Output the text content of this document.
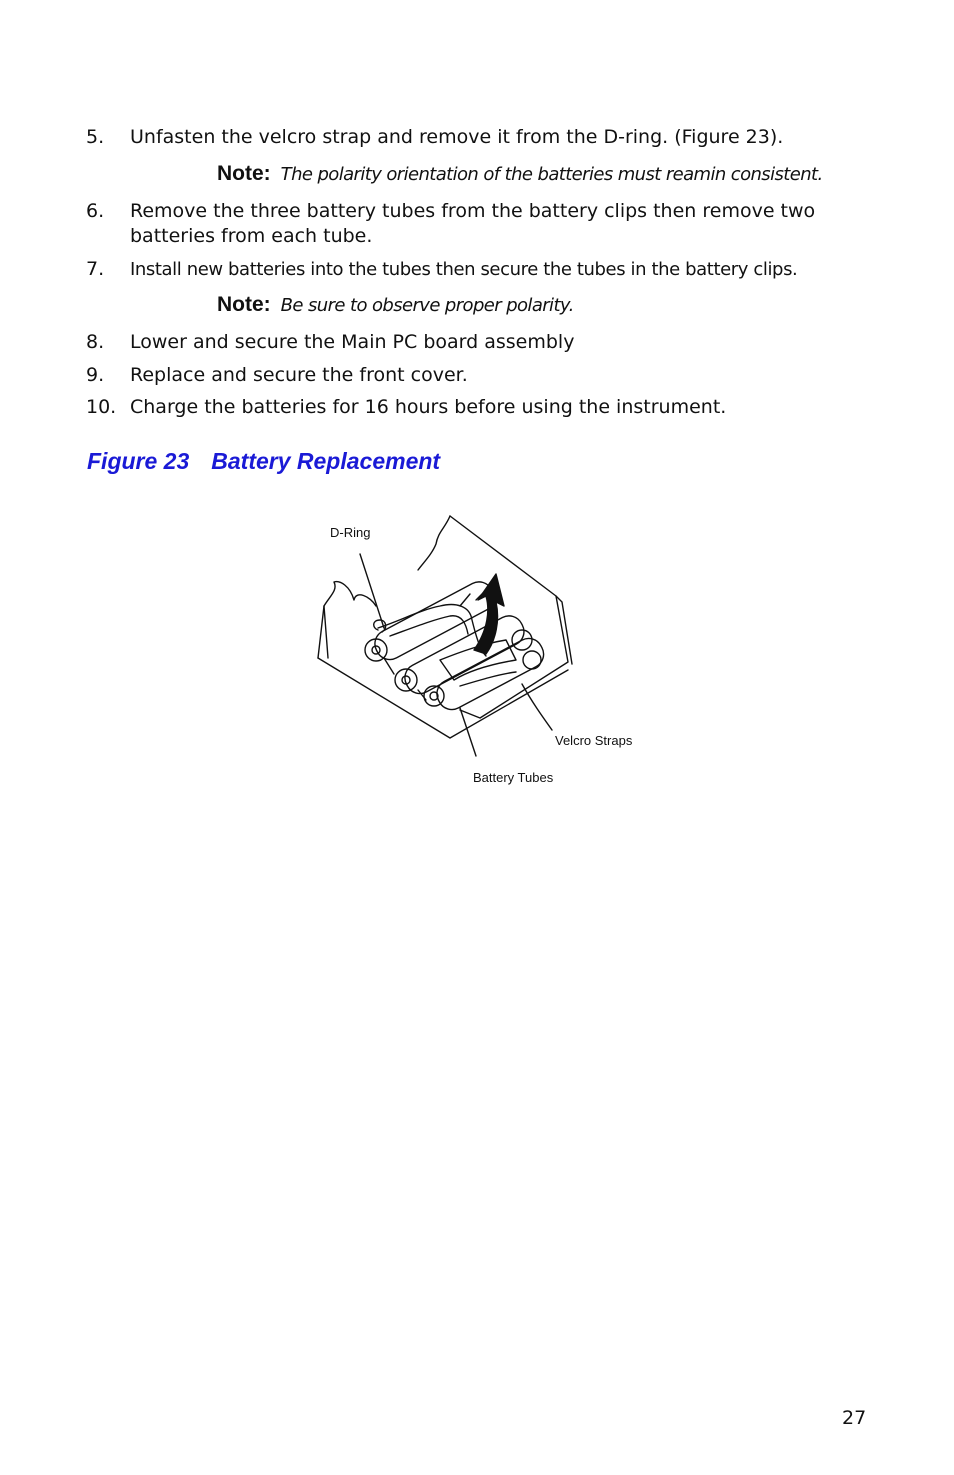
5. Unfasten the velcro strap and remove it from the D-ring. (Figure 23).
Note: The polarity orientation of the batteries must reamin consistent.
6. Remove the three battery tubes from the battery clips then remove two batteries from each tube.
7. Install new batteries into the tubes then secure the tubes in the battery clips.
Note: Be sure to observe proper polarity.
8. Lower and secure the Main PC board assembly
9. Replace and secure the front cover.
10. Charge the batteries for 16 hours before using the instrument.
Figure 23 Battery Replacement
D-Ring
Velcro Straps
Battery Tubes
27
